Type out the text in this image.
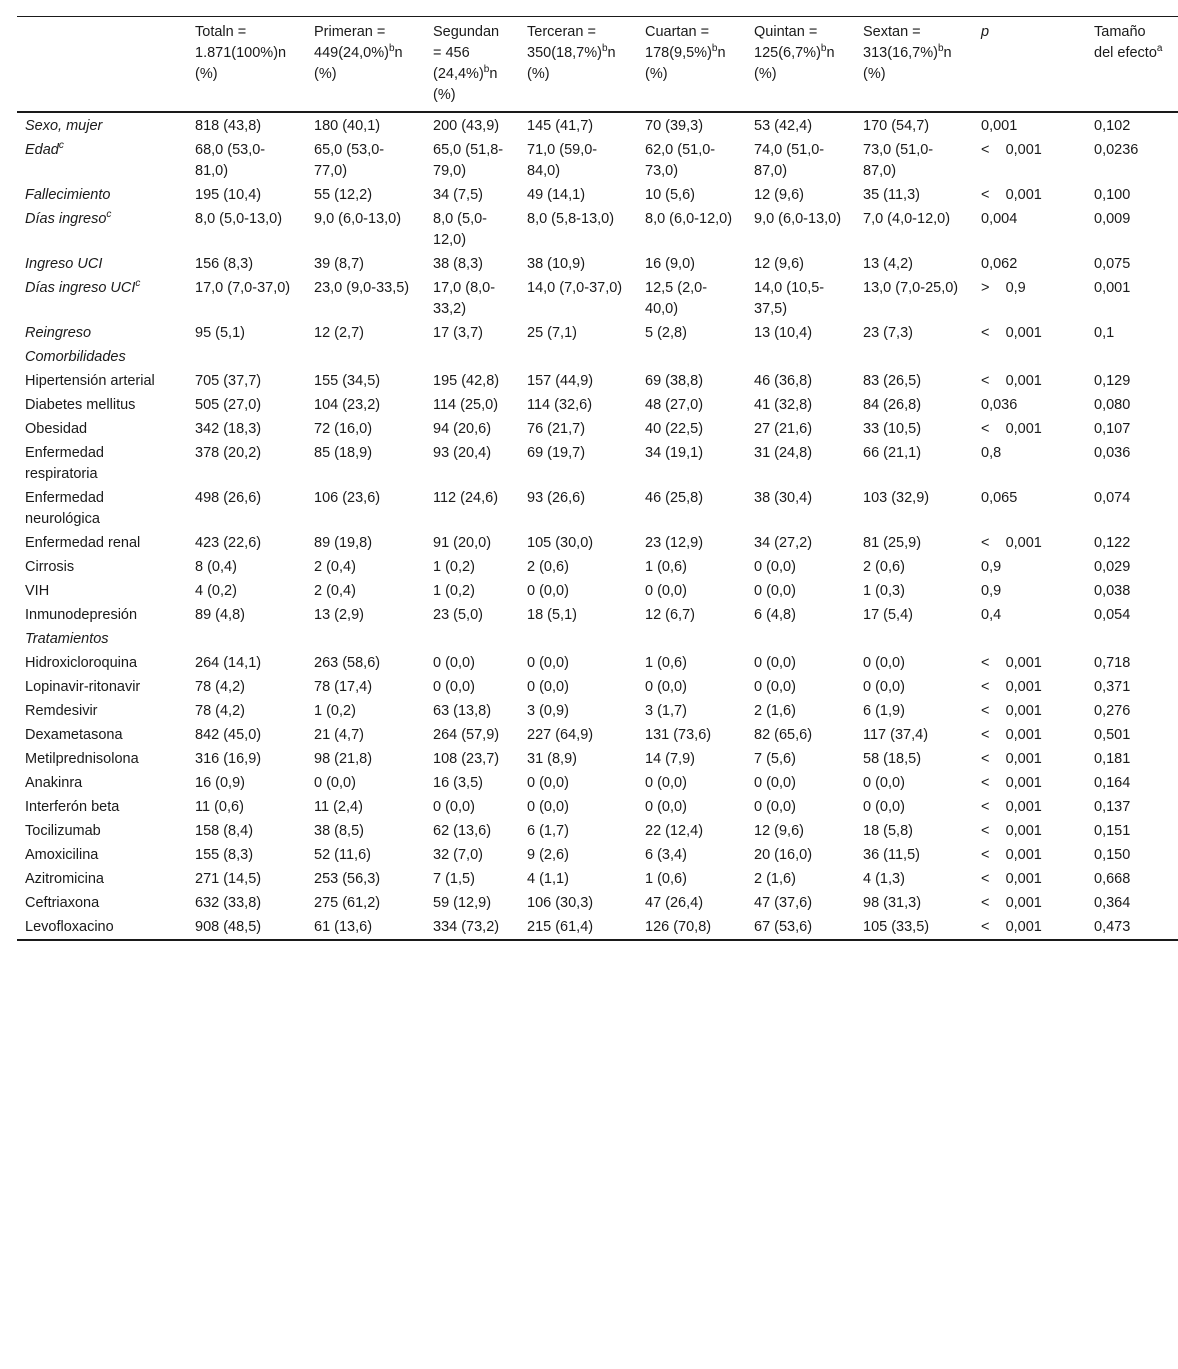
	Totaln = 1.871(100%)n (%)	Primeran = $449(24,0\%)^bn$ (%)	Segundan = 456 $(24,4\%)^bn$ (%)	Terceran = $350(18,7\%)^bn$ (%)	Cuartan = $178(9,5\%)^bn$ (%)	Quintan = $125(6,7\%)^bn$ (%)	$Sextan = 313(16,7\%)^bn$ (%)	p	Tamaño del efecto$^a$
Sexo, mujer	818 (43,8)	180 (40,1)	200 (43,9)	145 (41,7)	70 (39,3)	53 (42,4)	170 (54,7)	0,001	0,102
Edad$^c$	68,0 (53,0-81,0)	65,0 (53,0-77,0)	65,0 (51,8-79,0)	71,0 (59,0-84,0)	62,0 (51,0-73,0)	74,0 (51,0-87,0)	73,0 (51,0-87,0)	<    0,001	0,0236
Fallecimiento	195 (10,4)	55 (12,2)	34 (7,5)	49 (14,1)	10 (5,6)	12 (9,6)	35 (11,3)	<    0,001	0,100
Días ingreso$^c$	8,0 (5,0-13,0)	9,0 (6,0-13,0)	8,0 (5,0-12,0)	8,0 (5,8-13,0)	8,0 (6,0-12,0)	9,0 (6,0-13,0)	7,0 (4,0-12,0)	0,004	0,009
Ingreso UCI	156 (8,3)	39 (8,7)	38 (8,3)	38 (10,9)	16 (9,0)	12 (9,6)	13 (4,2)	0,062	0,075
Días ingreso UCI$^c$	17,0 (7,0-37,0)	23,0 (9,0-33,5)	17,0 (8,0-33,2)	14,0 (7,0-37,0)	12,5 (2,0-40,0)	14,0 (10,5-37,5)	13,0 (7,0-25,0)	>    0,9	0,001
Reingreso	95 (5,1)	12 (2,7)	17 (3,7)	25 (7,1)	5 (2,8)	13 (10,4)	23 (7,3)	<    0,001	0,1
Comorbilidades									
Hipertensión arterial	705 (37,7)	155 (34,5)	195 (42,8)	157 (44,9)	69 (38,8)	46 (36,8)	83 (26,5)	<    0,001	0,129
Diabetes mellitus	505 (27,0)	104 (23,2)	114 (25,0)	114 (32,6)	48 (27,0)	41 (32,8)	84 (26,8)	0,036	0,080
Obesidad	342 (18,3)	72 (16,0)	94 (20,6)	76 (21,7)	40 (22,5)	27 (21,6)	33 (10,5)	<    0,001	0,107
Enfermedad respiratoria	378 (20,2)	85 (18,9)	93 (20,4)	69 (19,7)	34 (19,1)	31 (24,8)	66 (21,1)	0,8	0,036
Enfermedad neurológica	498 (26,6)	106 (23,6)	112 (24,6)	93 (26,6)	46 (25,8)	38 (30,4)	103 (32,9)	0,065	0,074
Enfermedad renal	423 (22,6)	89 (19,8)	91 (20,0)	105 (30,0)	23 (12,9)	34 (27,2)	81 (25,9)	<    0,001	0,122
Cirrosis	8 (0,4)	2 (0,4)	1 (0,2)	2 (0,6)	1 (0,6)	0 (0,0)	2 (0,6)	0,9	0,029
VIH	4 (0,2)	2 (0,4)	1 (0,2)	0 (0,0)	0 (0,0)	0 (0,0)	1 (0,3)	0,9	0,038
Inmunodepresión	89 (4,8)	13 (2,9)	23 (5,0)	18 (5,1)	12 (6,7)	6 (4,8)	17 (5,4)	0,4	0,054
Tratamientos									
Hidroxicloroquina	264 (14,1)	263 (58,6)	0 (0,0)	0 (0,0)	1 (0,6)	0 (0,0)	0 (0,0)	<    0,001	0,718
Lopinavir-ritonavir	78 (4,2)	78 (17,4)	0 (0,0)	0 (0,0)	0 (0,0)	0 (0,0)	0 (0,0)	<    0,001	0,371
Remdesivir	78 (4,2)	1 (0,2)	63 (13,8)	3 (0,9)	3 (1,7)	2 (1,6)	6 (1,9)	<    0,001	0,276
Dexametasona	842 (45,0)	21 (4,7)	264 (57,9)	227 (64,9)	131 (73,6)	82 (65,6)	117 (37,4)	<    0,001	0,501
Metilprednisolona	316 (16,9)	98 (21,8)	108 (23,7)	31 (8,9)	14 (7,9)	7 (5,6)	58 (18,5)	<    0,001	0,181
Anakinra	16 (0,9)	0 (0,0)	16 (3,5)	0 (0,0)	0 (0,0)	0 (0,0)	0 (0,0)	<    0,001	0,164
Interferón beta	11 (0,6)	11 (2,4)	0 (0,0)	0 (0,0)	0 (0,0)	0 (0,0)	0 (0,0)	<    0,001	0,137
Tocilizumab	158 (8,4)	38 (8,5)	62 (13,6)	6 (1,7)	22 (12,4)	12 (9,6)	18 (5,8)	<    0,001	0,151
Amoxicilina	155 (8,3)	52 (11,6)	32 (7,0)	9 (2,6)	6 (3,4)	20 (16,0)	36 (11,5)	<    0,001	0,150
Azitromicina	271 (14,5)	253 (56,3)	7 (1,5)	4 (1,1)	1 (0,6)	2 (1,6)	4 (1,3)	<    0,001	0,668
Ceftriaxona	632 (33,8)	275 (61,2)	59 (12,9)	106 (30,3)	47 (26,4)	47 (37,6)	98 (31,3)	<    0,001	0,364
Levofloxacino	908 (48,5)	61 (13,6)	334 (73,2)	215 (61,4)	126 (70,8)	67 (53,6)	105 (33,5)	<    0,001	0,473
